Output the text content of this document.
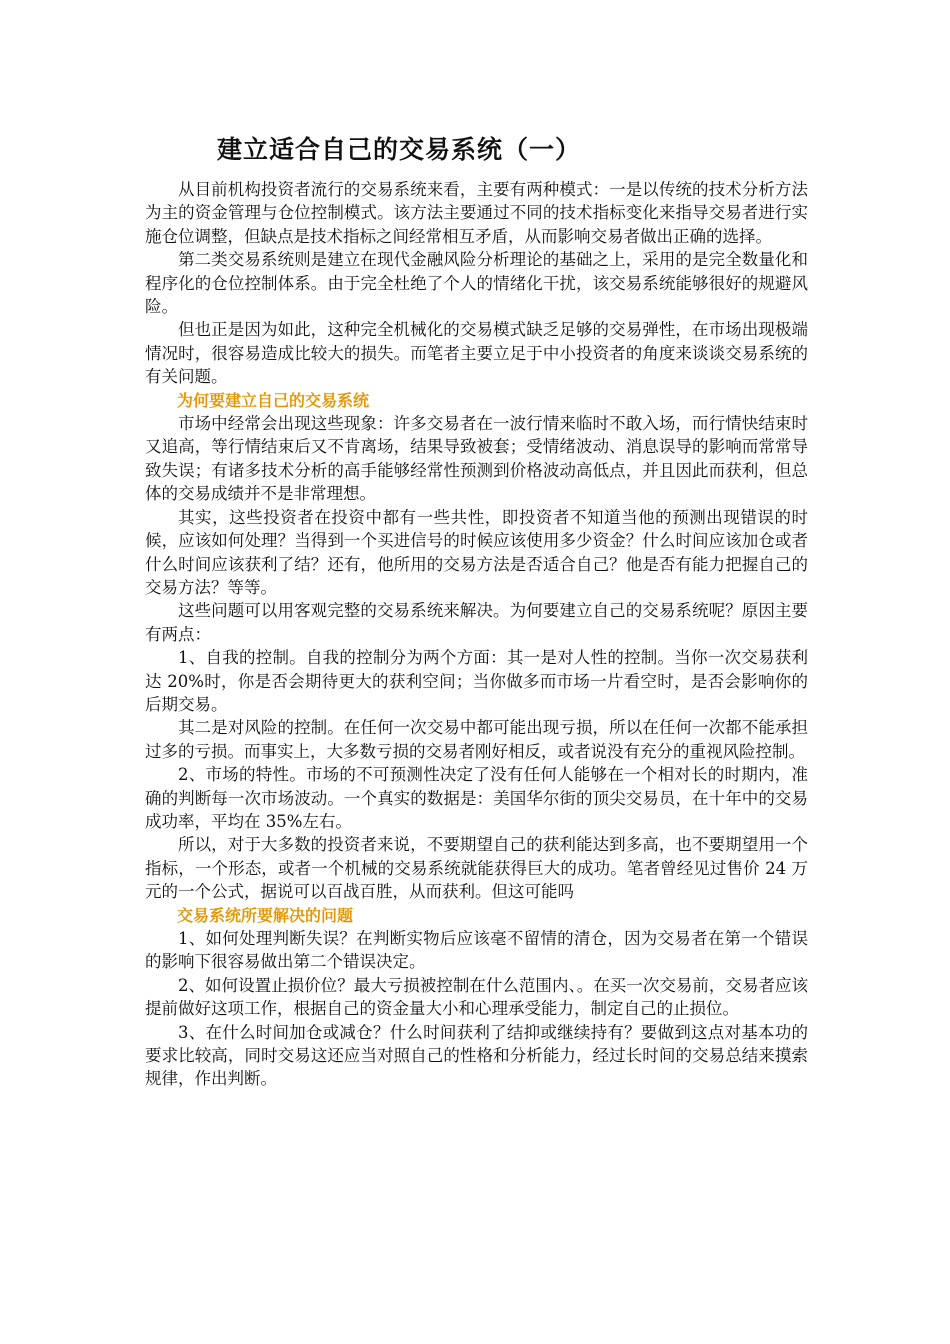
建立适合自己的交易系统（一）

从目前机构投资者流行的交易系统来看，主要有两种模式：一是以传统的技术分析方法为主的资金管理与仓位控制模式。该方法主要通过不同的技术指标变化来指导交易者进行实施仓位调整，但缺点是技术指标之间经常相互矛盾，从而影响交易者做出正确的选择。

第二类交易系统则是建立在现代金融风险分析理论的基础之上，采用的是完全数量化和程序化的仓位控制体系。由于完全杜绝了个人的情绪化干扰，该交易系统能够很好的规避风险。

但也正是因为如此，这种完全机械化的交易模式缺乏足够的交易弹性，在市场出现极端情况时，很容易造成比较大的损失。而笔者主要立足于中小投资者的角度来谈谈交易系统的有关问题。

为何要建立自己的交易系统

市场中经常会出现这些现象：许多交易者在一波行情来临时不敢入场，而行情快结束时又追高，等行情结束后又不肯离场，结果导致被套；受情绪波动、消息误导的影响而常常导致失误；有诸多技术分析的高手能够经常性预测到价格波动高低点，并且因此而获利，但总体的交易成绩并不是非常理想。

其实，这些投资者在投资中都有一些共性，即投资者不知道当他的预测出现错误的时候，应该如何处理？当得到一个买进信号的时候应该使用多少资金？什么时间应该加仓或者什么时间应该获利了结？还有，他所用的交易方法是否适合自己？他是否有能力把握自己的交易方法？等等。

这些问题可以用客观完整的交易系统来解决。为何要建立自己的交易系统呢？原因主要有两点：

1、自我的控制。自我的控制分为两个方面：其一是对人性的控制。当你一次交易获利达 20%时，你是否会期待更大的获利空间；当你做多而市场一片看空时，是否会影响你的后期交易。

其二是对风险的控制。在任何一次交易中都可能出现亏损，所以在任何一次都不能承担过多的亏损。而事实上，大多数亏损的交易者刚好相反，或者说没有充分的重视风险控制。

2、市场的特性。市场的不可预测性决定了没有任何人能够在一个相对长的时期内，准确的判断每一次市场波动。一个真实的数据是：美国华尔街的顶尖交易员，在十年中的交易成功率，平均在 35%左右。

所以，对于大多数的投资者来说，不要期望自己的获利能达到多高，也不要期望用一个指标，一个形态，或者一个机械的交易系统就能获得巨大的成功。笔者曾经见过售价 24 万元的一个公式，据说可以百战百胜，从而获利。但这可能吗

交易系统所要解决的问题

1、如何处理判断失误？在判断实物后应该毫不留情的清仓，因为交易者在第一个错误的影响下很容易做出第二个错误决定。

2、如何设置止损价位？最大亏损被控制在什么范围内、。在买一次交易前，交易者应该提前做好这项工作，根据自己的资金量大小和心理承受能力，制定自己的止损位。

3、在什么时间加仓或减仓？什么时间获利了结抑或继续持有？要做到这点对基本功的要求比较高，同时交易这还应当对照自己的性格和分析能力，经过长时间的交易总结来摸索规律，作出判断。
